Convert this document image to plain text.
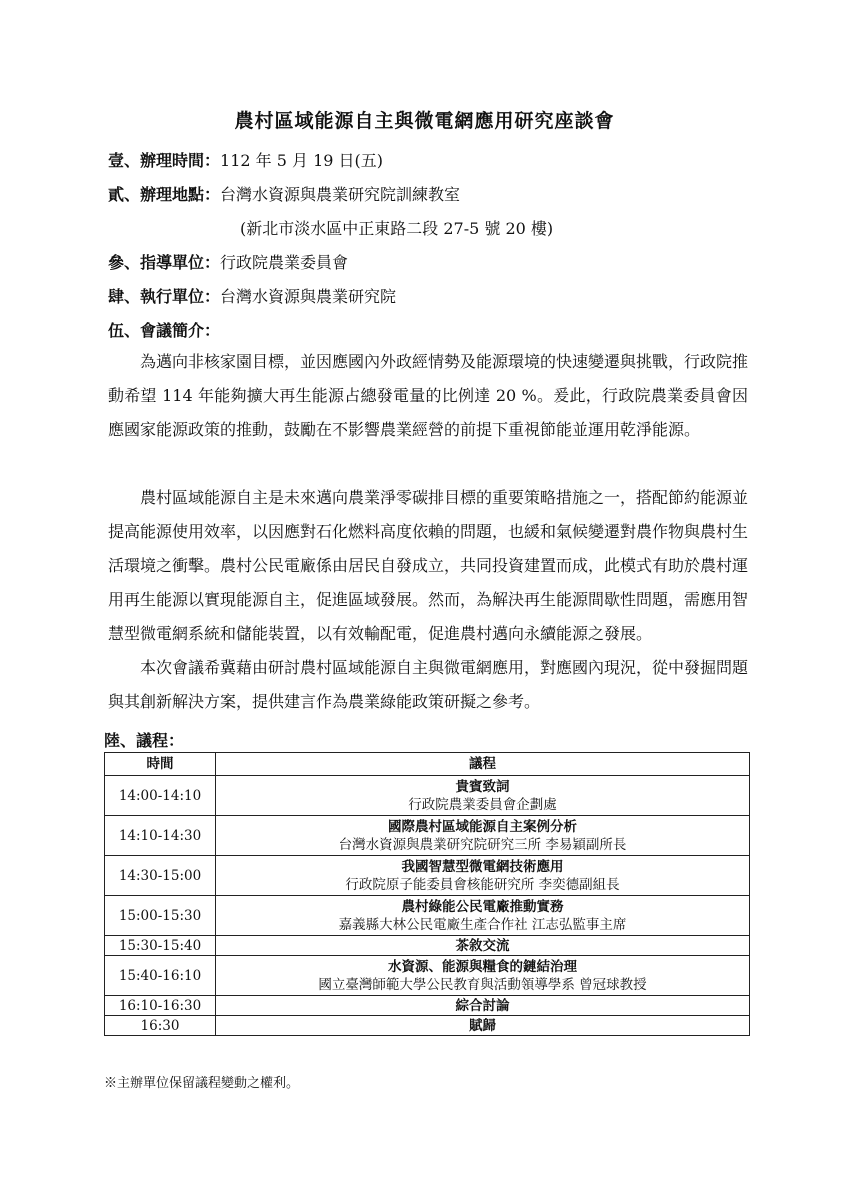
農村區域能源自主與微電網應用研究座談會
壹、辦理時間：112 年 5 月 19 日(五)
貳、辦理地點：台灣水資源與農業研究院訓練教室
(新北市淡水區中正東路二段 27-5 號 20 樓)
參、指導單位：行政院農業委員會
肆、執行單位：台灣水資源與農業研究院
伍、會議簡介：
為邁向非核家園目標，並因應國內外政經情勢及能源環境的快速變遷與挑戰，行政院推動希望 114 年能夠擴大再生能源占總發電量的比例達 20 %。爰此，行政院農業委員會因應國家能源政策的推動，鼓勵在不影響農業經營的前提下重視節能並運用乾淨能源。
農村區域能源自主是未來邁向農業淨零碳排目標的重要策略措施之一，搭配節約能源並提高能源使用效率，以因應對石化燃料高度依賴的問題，也緩和氣候變遷對農作物與農村生活環境之衝擊。農村公民電廠係由居民自發成立，共同投資建置而成，此模式有助於農村運用再生能源以實現能源自主，促進區域發展。然而，為解決再生能源間歇性問題，需應用智慧型微電網系統和儲能裝置，以有效輸配電，促進農村邁向永續能源之發展。
本次會議希冀藉由研討農村區域能源自主與微電網應用，對應國內現況，從中發掘問題與其創新解決方案，提供建言作為農業綠能政策研擬之參考。
陸、議程：
時間	議程
14:00-14:10	貴賓致詞
行政院農業委員會企劃處

14:10-14:30	國際農村區域能源自主案例分析
台灣水資源與農業研究院研究三所 李易穎副所長

14:30-15:00	我國智慧型微電網技術應用
行政院原子能委員會核能研究所 李奕德副組長

15:00-15:30	農村綠能公民電廠推動實務
嘉義縣大林公民電廠生產合作社 江志弘監事主席

15:30-15:40	茶敘交流

15:40-16:10	水資源、能源與糧食的鏈結治理
國立臺灣師範大學公民教育與活動領導學系 曾冠球教授

16:10-16:30	綜合討論

16:30	賦歸
※主辦單位保留議程變動之權利。
